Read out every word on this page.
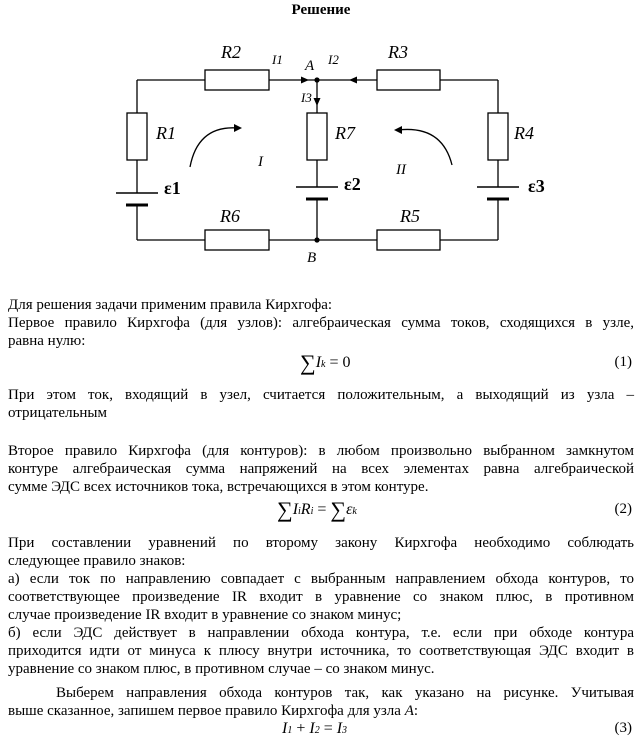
Решение
R2	R3
R1	R7	R4
R6	R5
I1	I2
I3
ε1	ε2	ε3
A
B
I	II
Для решения задачи применим правила Кирхгофа:
Первое правило Кирхгофа (для узлов): алгебраическая сумма токов, сходящихся в узле,
равна нулю:
∑Ik = 0	(1)
При этом ток, входящий в узел, считается положительным, а выходящий из узла –
отрицательным
Второе правило Кирхгофа (для контуров): в любом произвольно выбранном замкнутом
контуре алгебраическая сумма напряжений на всех элементах равна алгебраической
сумме ЭДС всех источников тока, встречающихся в этом контуре.
∑IiRi = ∑εk	(2)
При составлении уравнений по второму закону Кирхгофа необходимо соблюдать
следующее правило знаков:
а) если ток по направлению совпадает с выбранным направлением обхода контуров, то
соответствующее произведение IR входит в уравнение со знаком плюс, в противном
случае произведение IR входит в уравнение со знаком минус;
б) если ЭДС действует в направлении обхода контура, т.е. если при обходе контура
приходится идти от минуса к плюсу внутри источника, то соответствующая ЭДС входит в
уравнение со знаком плюс, в противном случае – со знаком минус.
Выберем направления обхода контуров так, как указано на рисунке. Учитывая
выше сказанное, запишем первое правило Кирхгофа для узла A:
I1 + I2 = I3	(3)
